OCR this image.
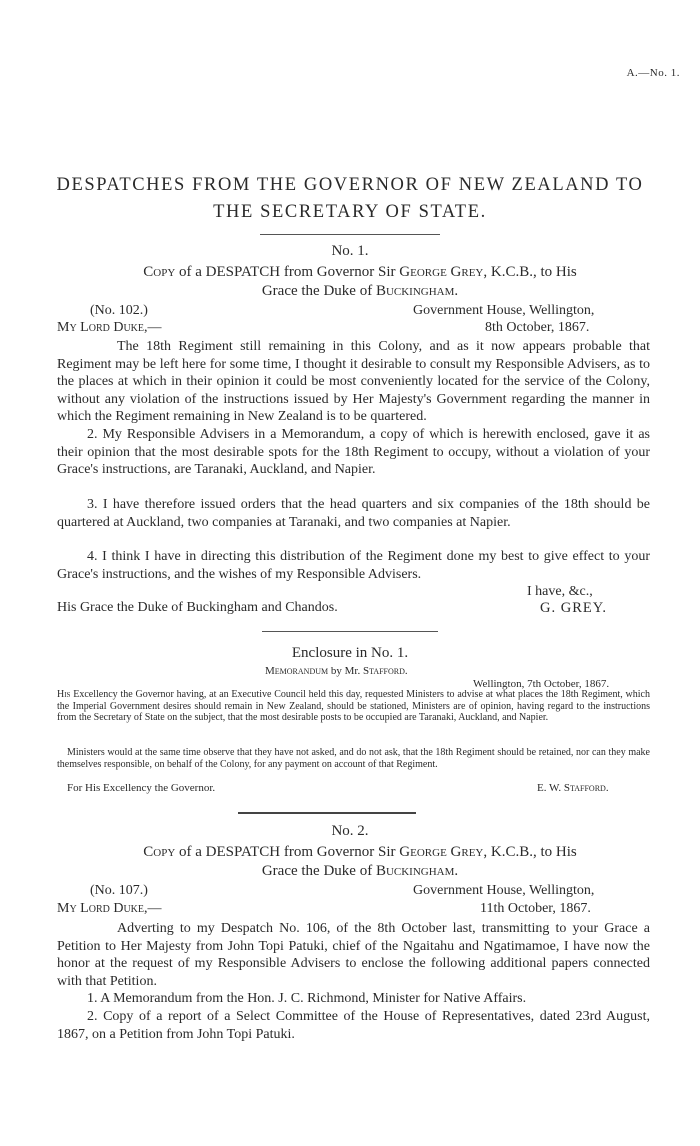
A.—No. 1.
DESPATCHES FROM THE GOVERNOR OF NEW ZEALAND TO
THE SECRETARY OF STATE.
No. 1.
Copy of a DESPATCH from Governor Sir George Grey, K.C.B., to His
Grace the Duke of Buckingham.
(No. 102.)	Government House, Wellington,
My Lord Duke,—	8th October, 1867.
The 18th Regiment still remaining in this Colony, and as it now appears probable that Regiment may be left here for some time, I thought it desirable to consult my Responsible Advisers, as to the places at which in their opinion it could be most conveniently located for the service of the Colony, without any violation of the instructions issued by Her Majesty's Government regarding the manner in which the Regiment remaining in New Zealand is to be quartered.
2. My Responsible Advisers in a Memorandum, a copy of which is herewith enclosed, gave it as their opinion that the most desirable spots for the 18th Regiment to occupy, without a violation of your Grace's instructions, are Taranaki, Auckland, and Napier.
3. I have therefore issued orders that the head quarters and six companies of the 18th should be quartered at Auckland, two companies at Taranaki, and two companies at Napier.
4. I think I have in directing this distribution of the Regiment done my best to give effect to your Grace's instructions, and the wishes of my Responsible Advisers.
I have, &c.,
His Grace the Duke of Buckingham and Chandos.	G. GREY.
Enclosure in No. 1.
Memorandum by Mr. Stafford.
Wellington, 7th October, 1867.
His Excellency the Governor having, at an Executive Council held this day, requested Ministers to advise at what places the 18th Regiment, which the Imperial Government desires should remain in New Zealand, should be stationed, Ministers are of opinion, having regard to the instructions from the Secretary of State on the subject, that the most desirable posts to be occupied are Taranaki, Auckland, and Napier.
Ministers would at the same time observe that they have not asked, and do not ask, that the 18th Regiment should be retained, nor can they make themselves responsible, on behalf of the Colony, for any payment on account of that Regiment.
For His Excellency the Governor.	E. W. Stafford.
No. 2.
Copy of a DESPATCH from Governor Sir George Grey, K.C.B., to His
Grace the Duke of Buckingham.
(No. 107.)	Government House, Wellington,
My Lord Duke,—	11th October, 1867.
Adverting to my Despatch No. 106, of the 8th October last, transmitting to your Grace a Petition to Her Majesty from John Topi Patuki, chief of the Ngaitahu and Ngatimamoe, I have now the honor at the request of my Responsible Advisers to enclose the following additional papers connected with that Petition.
1. A Memorandum from the Hon. J. C. Richmond, Minister for Native Affairs.
2. Copy of a report of a Select Committee of the House of Representatives, dated 23rd August, 1867, on a Petition from John Topi Patuki.
